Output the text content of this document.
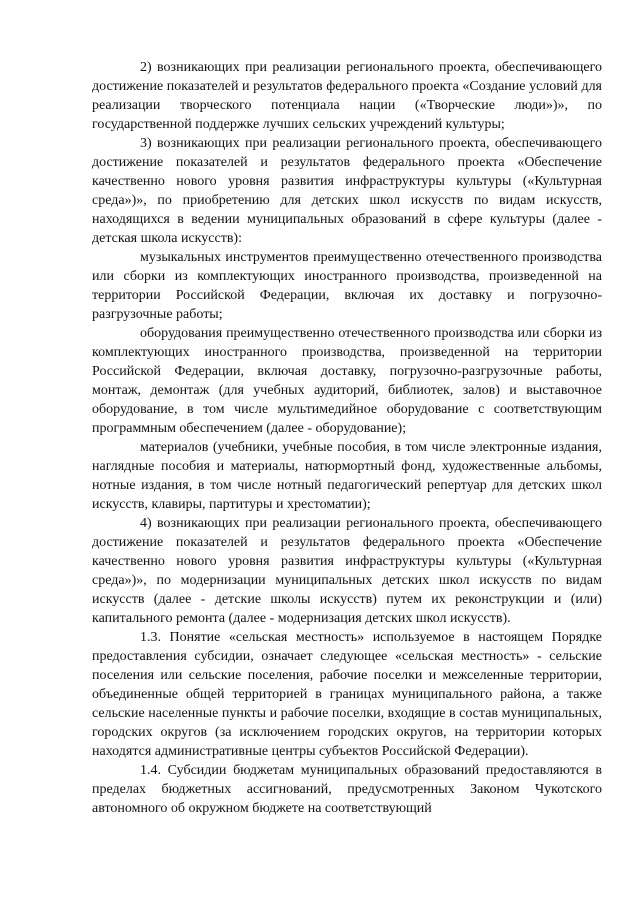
2) возникающих при реализации регионального проекта, обеспечивающего достижение показателей и результатов федерального проекта «Создание условий для реализации творческого потенциала нации («Творческие люди»)», по государственной поддержке лучших сельских учреждений культуры;

3) возникающих при реализации регионального проекта, обеспечивающего достижение показателей и результатов федерального проекта «Обеспечение качественно нового уровня развития инфраструктуры культуры («Культурная среда»)», по приобретению для детских школ искусств по видам искусств, находящихся в ведении муниципальных образований в сфере культуры (далее - детская школа искусств):

музыкальных инструментов преимущественно отечественного производства или сборки из комплектующих иностранного производства, произведенной на территории Российской Федерации, включая их доставку и погрузочно-разгрузочные работы;

оборудования преимущественно отечественного производства или сборки из комплектующих иностранного производства, произведенной на территории Российской Федерации, включая доставку, погрузочно-разгрузочные работы, монтаж, демонтаж (для учебных аудиторий, библиотек, залов) и выставочное оборудование, в том числе мультимедийное оборудование с соответствующим программным обеспечением (далее - оборудование);

материалов (учебники, учебные пособия, в том числе электронные издания, наглядные пособия и материалы, натюрмортный фонд, художественные альбомы, нотные издания, в том числе нотный педагогический репертуар для детских школ искусств, клавиры, партитуры и хрестоматии);

4) возникающих при реализации регионального проекта, обеспечивающего достижение показателей и результатов федерального проекта «Обеспечение качественно нового уровня развития инфраструктуры культуры («Культурная среда»)», по модернизации муниципальных детских школ искусств по видам искусств (далее - детские школы искусств) путем их реконструкции и (или) капитального ремонта (далее - модернизация детских школ искусств).

1.3. Понятие «сельская местность» используемое в настоящем Порядке предоставления субсидии, означает следующее «сельская местность» - сельские поселения или сельские поселения, рабочие поселки и межселенные территории, объединенные общей территорией в границах муниципального района, а также сельские населенные пункты и рабочие поселки, входящие в состав муниципальных, городских округов (за исключением городских округов, на территории которых находятся административные центры субъектов Российской Федерации).

1.4. Субсидии бюджетам муниципальных образований предоставляются в пределах бюджетных ассигнований, предусмотренных Законом Чукотского автономного об окружном бюджете на соответствующий
